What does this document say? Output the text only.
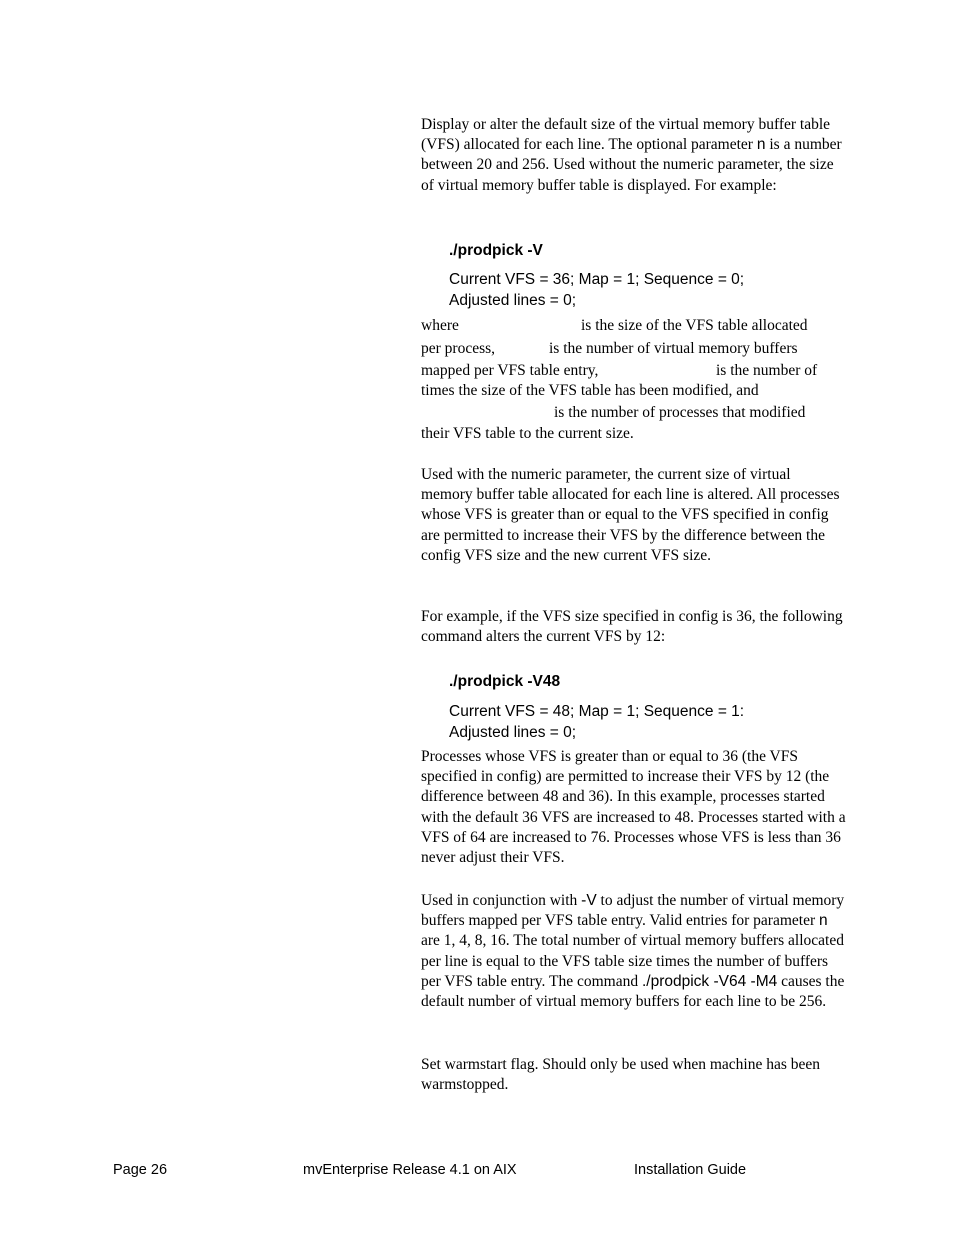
Display or alter the default size of the virtual memory buffer table (VFS) allocated for each line. The optional parameter n is a number between 20 and 256. Used without the numeric parameter, the size of virtual memory buffer table is displayed. For example:

./prodpick -V
Current VFS = 36; Map = 1; Sequence = 0;
Adjusted lines = 0;
where	is the size of the VFS table allocated
per process,	is the number of virtual memory buffers
mapped per VFS table entry,	is the number of
times the size of the VFS table has been modified, and
is the number of processes that modified
their VFS table to the current size.

Used with the numeric parameter, the current size of virtual memory buffer table allocated for each line is altered. All processes whose VFS is greater than or equal to the VFS specified in config are permitted to increase their VFS by the difference between the config VFS size and the new current VFS size.

For example, if the VFS size specified in config is 36, the following command alters the current VFS by 12:

./prodpick -V48
Current VFS = 48; Map = 1; Sequence = 1:
Adjusted lines = 0;

Processes whose VFS is greater than or equal to 36 (the VFS specified in config) are permitted to increase their VFS by 12 (the difference between 48 and 36). In this example, processes started with the default 36 VFS are increased to 48. Processes started with a VFS of 64 are increased to 76. Processes whose VFS is less than 36 never adjust their VFS.

Used in conjunction with -V to adjust the number of virtual memory buffers mapped per VFS table entry. Valid entries for parameter n are 1, 4, 8, 16. The total number of virtual memory buffers allocated per line is equal to the VFS table size times the number of buffers per VFS table entry. The command ./prodpick -V64 -M4 causes the default number of virtual memory buffers for each line to be 256.

Set warmstart flag. Should only be used when machine has been warmstopped.

Page 26	mvEnterprise Release 4.1 on AIX	Installation Guide
